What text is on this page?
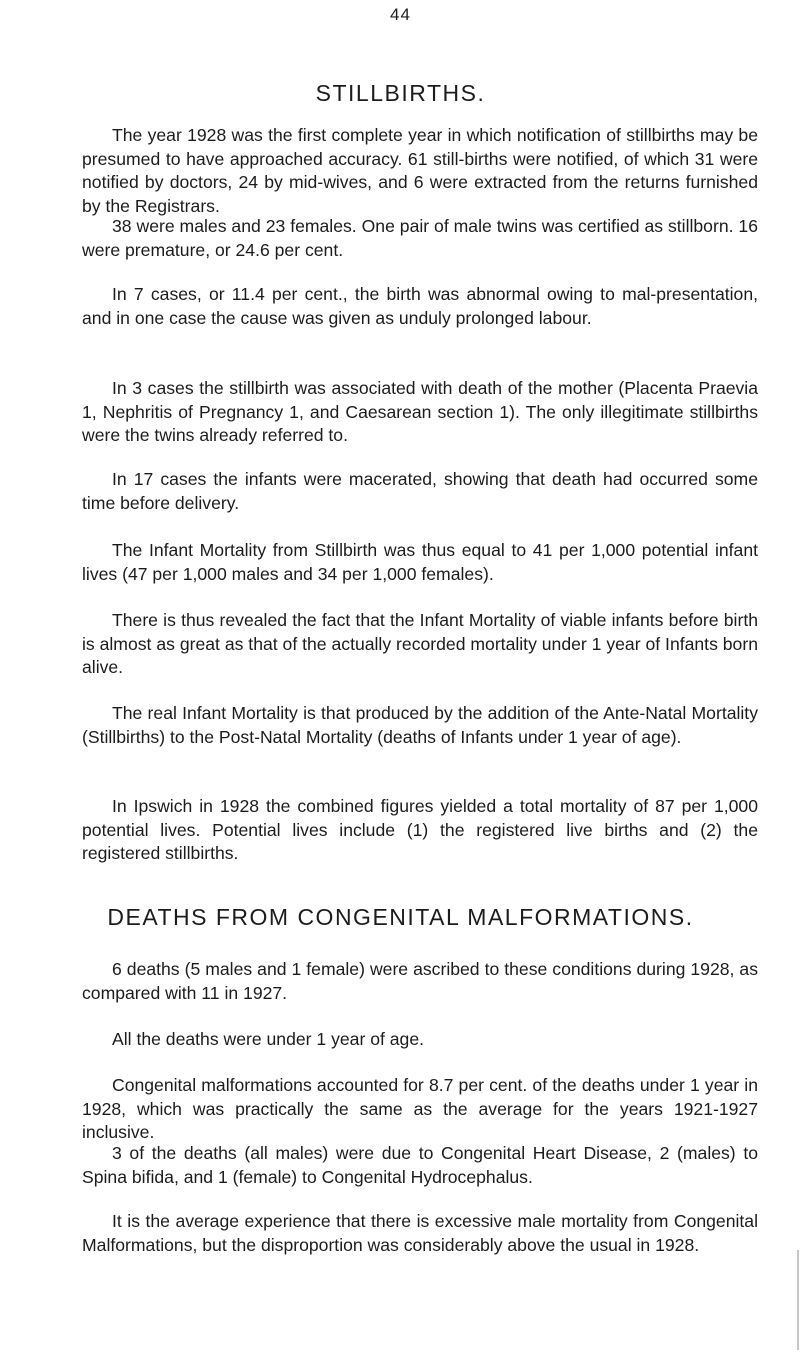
44
STILLBIRTHS.

The year 1928 was the first complete year in which notification of stillbirths may be presumed to have approached accuracy. 61 still-births were notified, of which 31 were notified by doctors, 24 by mid-wives, and 6 were extracted from the returns furnished by the Registrars.

38 were males and 23 females. One pair of male twins was certified as stillborn. 16 were premature, or 24.6 per cent.

In 7 cases, or 11.4 per cent., the birth was abnormal owing to mal-presentation, and in one case the cause was given as unduly prolonged labour.

In 3 cases the stillbirth was associated with death of the mother (Placenta Praevia 1, Nephritis of Pregnancy 1, and Caesarean section 1). The only illegitimate stillbirths were the twins already referred to.

In 17 cases the infants were macerated, showing that death had occurred some time before delivery.

The Infant Mortality from Stillbirth was thus equal to 41 per 1,000 potential infant lives (47 per 1,000 males and 34 per 1,000 females).

There is thus revealed the fact that the Infant Mortality of viable infants before birth is almost as great as that of the actually recorded mortality under 1 year of Infants born alive.

The real Infant Mortality is that produced by the addition of the Ante-Natal Mortality (Stillbirths) to the Post-Natal Mortality (deaths of Infants under 1 year of age).

In Ipswich in 1928 the combined figures yielded a total mortality of 87 per 1,000 potential lives. Potential lives include (1) the registered live births and (2) the registered stillbirths.

DEATHS FROM CONGENITAL MALFORMATIONS.

6 deaths (5 males and 1 female) were ascribed to these conditions during 1928, as compared with 11 in 1927.

All the deaths were under 1 year of age.

Congenital malformations accounted for 8.7 per cent. of the deaths under 1 year in 1928, which was practically the same as the average for the years 1921-1927 inclusive.

3 of the deaths (all males) were due to Congenital Heart Disease, 2 (males) to Spina bifida, and 1 (female) to Congenital Hydrocephalus.

It is the average experience that there is excessive male mortality from Congenital Malformations, but the disproportion was considerably above the usual in 1928.
